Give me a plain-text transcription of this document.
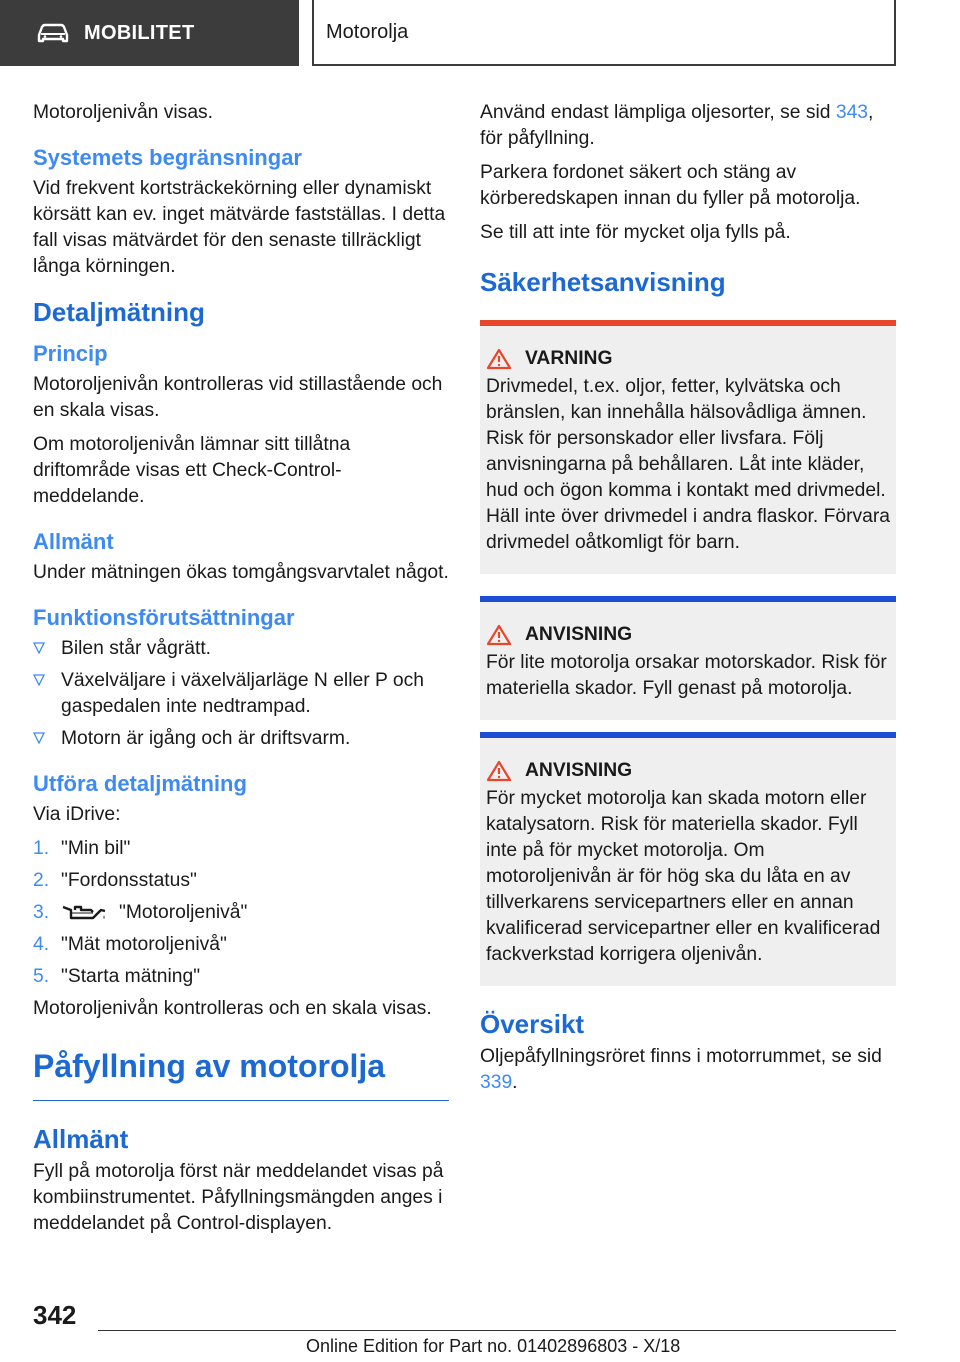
MOBILITET	Motorolja

Motoroljenivån visas.

Systemets begränsningar

Vid frekvent kortsträckekörning eller dynamiskt körsätt kan ev. inget mätvärde fastställas. I detta fall visas mätvärdet för den senaste tillräckligt långa körningen.

Detaljmätning
Princip

Motoroljenivån kontrolleras vid stillastående och en skala visas.

Om motoroljenivån lämnar sitt tillåtna driftområde visas ett Check-Control-meddelande.

Allmänt

Under mätningen ökas tomgångsvarvtalet något.

Funktionsförutsättningar
Bilen står vågrätt.
Växelväljare i växelväljarläge N eller P och gaspedalen inte nedtrampad.
Motorn är igång och är driftsvarm.
Utföra detaljmätning

Via iDrive:

1. "Min bil"
2. "Fordonsstatus"
3.	"Motoroljenivå"
4. "Mät motoroljenivå"
5. "Starta mätning"

Motoroljenivån kontrolleras och en skala visas.

Påfyllning av motorolja
Allmänt

Fyll på motorolja först när meddelandet visas på kombiinstrumentet. Påfyllningsmängden anges i meddelandet på Control-displayen.

Använd endast lämpliga oljesorter, se sid 343, för påfyllning.

Parkera fordonet säkert och stäng av körberedskapen innan du fyller på motorolja.

Se till att inte för mycket olja fylls på.

Säkerhetsanvisning
VARNING

Drivmedel, t.ex. oljor, fetter, kylvätska och bränslen, kan innehålla hälsovådliga ämnen. Risk för personskador eller livsfara. Följ anvisningarna på behållaren. Låt inte kläder, hud och ögon komma i kontakt med drivmedel. Häll inte över drivmedel i andra flaskor. Förvara drivmedel oåtkomligt för barn.

ANVISNING

För lite motorolja orsakar motorskador. Risk för materiella skador. Fyll genast på motorolja.

ANVISNING

För mycket motorolja kan skada motorn eller katalysatorn. Risk för materiella skador. Fyll inte på för mycket motorolja. Om motoroljenivån är för hög ska du låta en av tillverkarens servicepartners eller en annan kvalificerad servicepartner eller en kvalificerad fackverkstad korrigera oljenivån.

Översikt

Oljepåfyllningsröret finns i motorrummet, se sid 339.

342
Online Edition for Part no. 01402896803 - X/18
